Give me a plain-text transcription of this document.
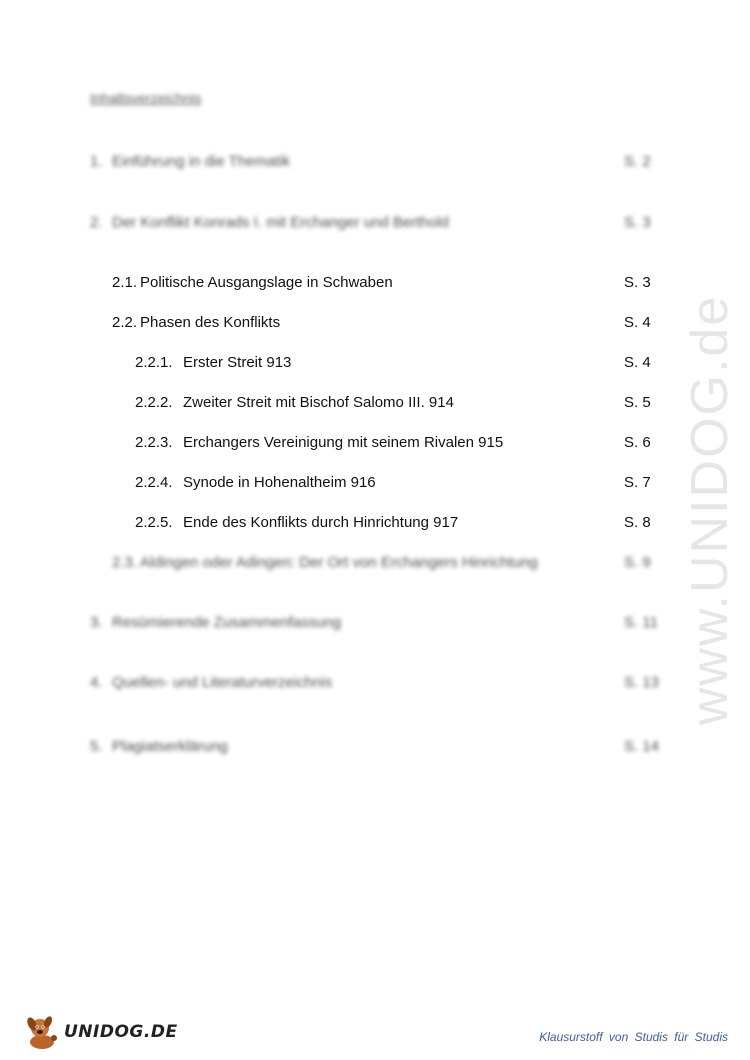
www.UNIDOG.de
Inhaltsverzeichnis
1. Einführung in die Thematik	S. 2
2. Der Konflikt Konrads I. mit Erchanger und Berthold	S. 3
2.1. Politische Ausgangslage in Schwaben	S. 3
2.2. Phasen des Konflikts	S. 4
2.2.1. Erster Streit 913	S. 4
2.2.2. Zweiter Streit mit Bischof Salomo III. 914	S. 5
2.2.3. Erchangers Vereinigung mit seinem Rivalen 915	S. 6
2.2.4. Synode in Hohenaltheim 916	S. 7
2.2.5. Ende des Konflikts durch Hinrichtung 917	S. 8
2.3. Aldingen oder Adingen: Der Ort von Erchangers Hinrichtung	S. 9
3. Resümierende Zusammenfassung	S. 11
4. Quellen- und Literaturverzeichnis	S. 13
5. Plagiatserklärung	S. 14
UNIDOG.DE	Klausurstoff von Studis für Studis
